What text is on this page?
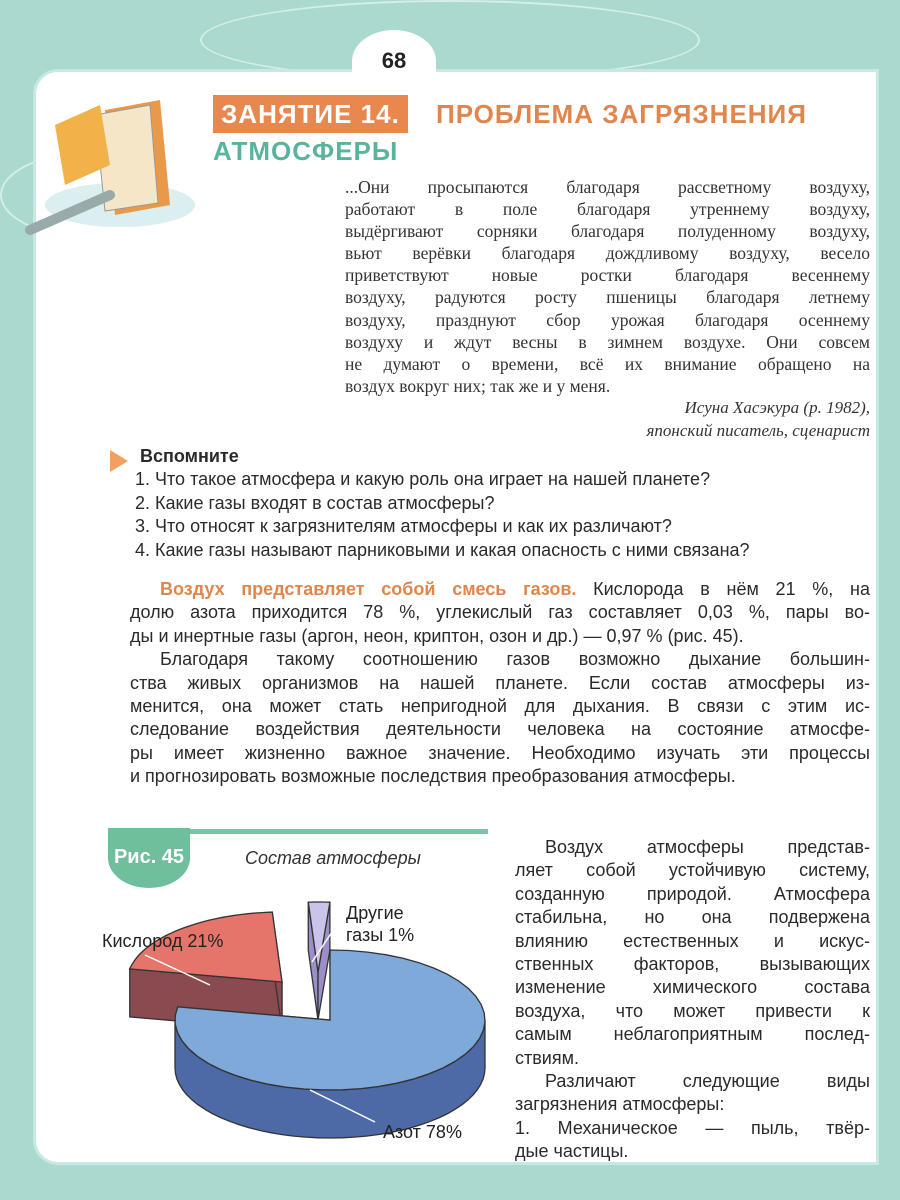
68
ЗАНЯТИЕ 14.	ПРОБЛЕМА ЗАГРЯЗНЕНИЯ
АТМОСФЕРЫ
...Они просыпаются благодаря рассветному воздуху,
работают в поле благодаря утреннему воздуху,
выдёргивают сорняки благодаря полуденному воздуху,
вьют верёвки благодаря дождливому воздуху, весело
приветствуют новые ростки благодаря весеннему
воздуху, радуются росту пшеницы благодаря летнему
воздуху, празднуют сбор урожая благодаря осеннему
воздуху и ждут весны в зимнем воздухе. Они совсем
не думают о времени, всё их внимание обращено на
воздух вокруг них; так же и у меня.
Исуна Хасэкура (р. 1982),
японский писатель, сценарист
Вспомните
1. Что такое атмосфера и какую роль она играет на нашей планете?
2. Какие газы входят в состав атмосферы?
3. Что относят к загрязнителям атмосферы и как их различают?
4. Какие газы называют парниковыми и какая опасность с ними связана?
Воздух представляет собой смесь газов. Кислорода в нём 21 %, на
долю азота приходится 78 %, углекислый газ составляет 0,03 %, пары во-
ды и инертные газы (аргон, неон, криптон, озон и др.) — 0,97 % (рис. 45).
Благодаря такому соотношению газов возможно дыхание большин-
ства живых организмов на нашей планете. Если состав атмосферы из-
менится, она может стать непригодной для дыхания. В связи с этим ис-
следование воздействия деятельности человека на состояние атмосфе-
ры имеет жизненно важное значение. Необходимо изучать эти процессы
и прогнозировать возможные последствия преобразования атмосферы.
Воздух атмосферы представ-
ляет собой устойчивую систему,
созданную природой. Атмосфера
стабильна, но она подвержена
влиянию естественных и искус-
ственных факторов, вызывающих
изменение химического состава
воздуха, что может привести к
самым неблагоприятным послед-
ствиям.
Различают следующие виды
загрязнения атмосферы:
1. Механическое — пыль, твёр-
дые частицы.
Рис. 45	Состав атмосферы
Кислород 21%
Другие
газы 1%
Азот 78%
